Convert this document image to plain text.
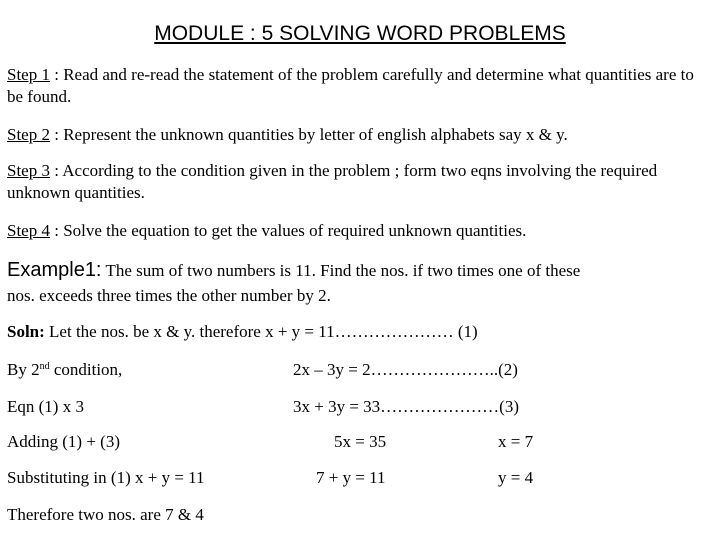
MODULE : 5 SOLVING WORD PROBLEMS
Step 1 : Read and re-read the statement of the problem carefully and determine what quantities are to be found.
Step 2 : Represent the unknown quantities by letter of english alphabets say x & y.
Step 3 : According to the condition given in the problem ; form two eqns involving the required unknown quantities.
Step 4 : Solve the equation to get the values of required unknown quantities.
Example1: The sum of two numbers is 11. Find the nos. if two times one of these
nos. exceeds three times the other number by 2.
Soln: Let the nos. be x & y. therefore x + y = 11………………… (1)
By 2nd condition,	2x – 3y = 2…………………..(2)
Eqn (1) x 3	3x + 3y = 33…………………(3)
Adding (1) + (3)	5x = 35	x = 7
Substituting in (1) x + y = 11	7 + y = 11	y = 4
Therefore two nos. are 7 & 4
